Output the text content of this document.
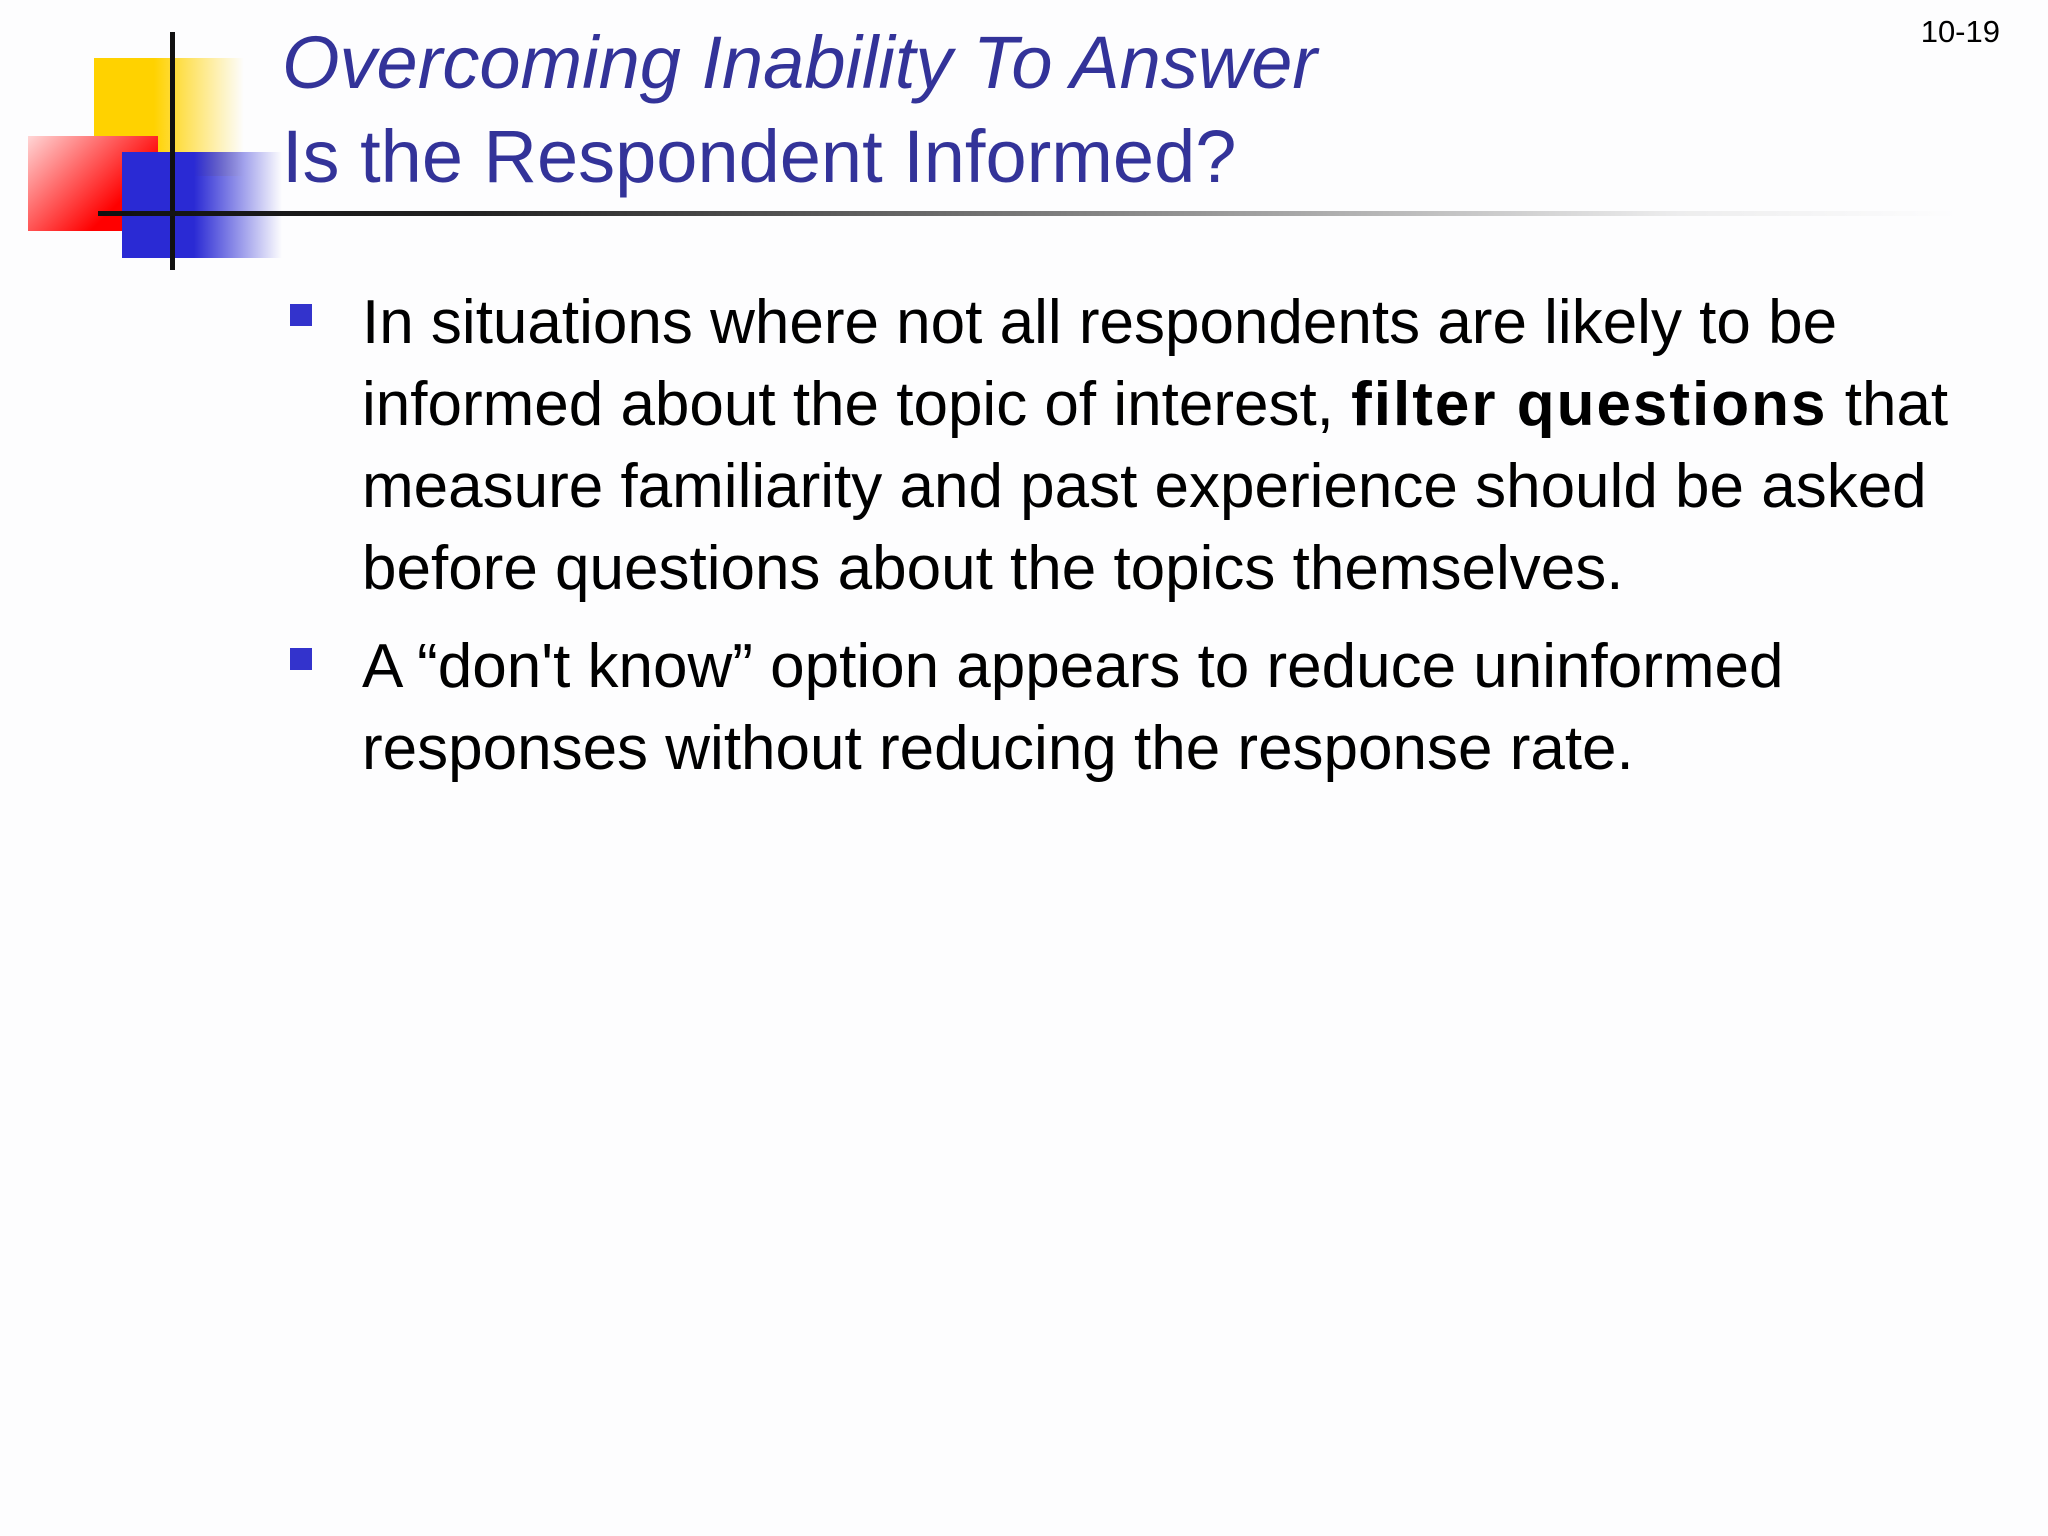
10-19
Overcoming Inability To Answer
Is the Respondent Informed?
In situations where not all respondents are likely to be informed about the topic of interest, filter questions that measure familiarity and past experience should be asked before questions about the topics themselves.
A “don't know” option appears to reduce uninformed responses without reducing the response rate.
